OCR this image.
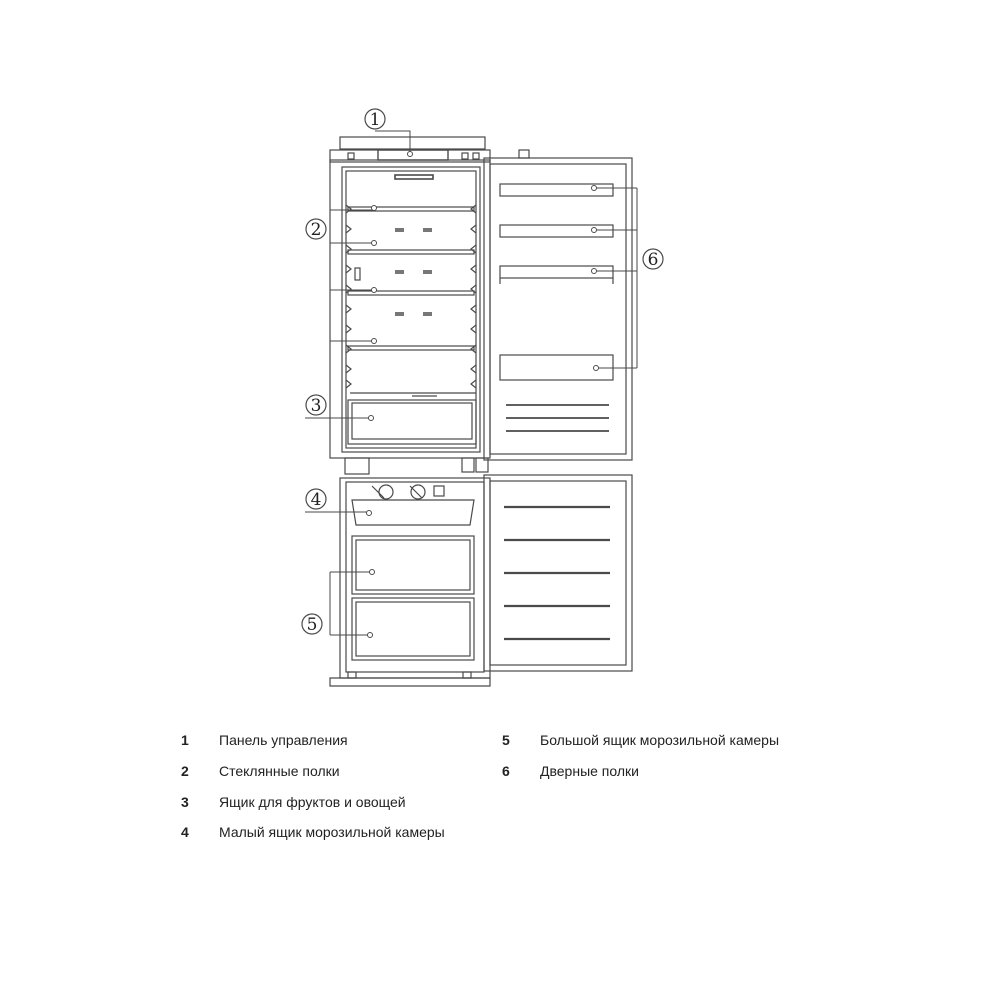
1
2
3
4
5
6
1	Панель управления
2	Стеклянные полки
3	Ящик для фруктов и овощей
4	Малый ящик морозильной камеры
5	Большой ящик морозильной камеры
6	Дверные полки
